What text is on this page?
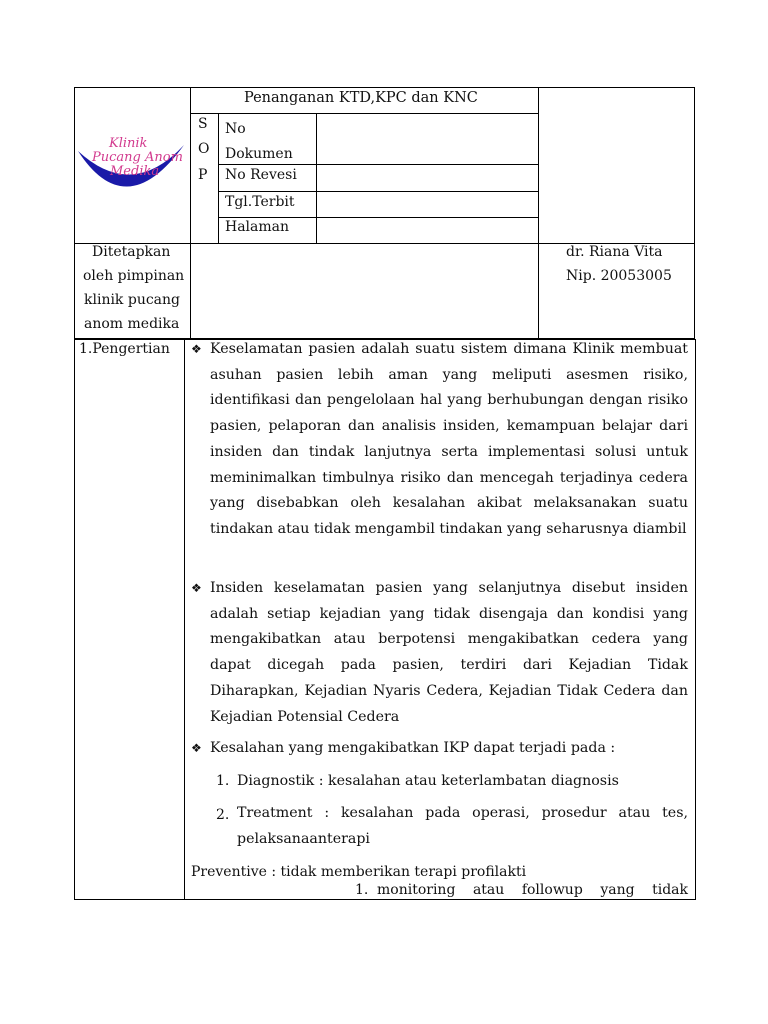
Klinik
Pucang Anom
Medika
Penanganan KTD,KPC dan KNC
S
O
P
No Dokumen
No Revesi
Tgl.Terbit
Halaman
Ditetapkan
oleh pimpinan
klinik pucang
anom medika
dr. Riana Vita
Nip. 20053005
1.Pengertian ❖ Keselamatan pasien adalah suatu sistem dimana Klinik membuat asuhan pasien lebih aman yang meliputi asesmen risiko, identifikasi dan pengelolaan hal yang berhubungan dengan risiko pasien, pelaporan dan analisis insiden, kemampuan belajar dari insiden dan tindak lanjutnya serta implementasi solusi untuk meminimalkan timbulnya risiko dan mencegah terjadinya cedera yang disebabkan oleh kesalahan akibat melaksanakan suatu tindakan atau tidak mengambil tindakan yang seharusnya diambil
❖ Insiden keselamatan pasien yang selanjutnya disebut insiden adalah setiap kejadian yang tidak disengaja dan kondisi yang mengakibatkan atau berpotensi mengakibatkan cedera yang dapat dicegah pada pasien, terdiri dari Kejadian Tidak Diharapkan, Kejadian Nyaris Cedera, Kejadian Tidak Cedera dan Kejadian Potensial Cedera
❖ Kesalahan yang mengakibatkan IKP dapat terjadi pada :
1. Diagnostik : kesalahan atau keterlambatan diagnosis
2. Treatment : kesalahan pada operasi, prosedur atau tes, pelaksanaanterapi
Preventive : tidak memberikan terapi profilakti
1. monitoring atau followup yang tidak
